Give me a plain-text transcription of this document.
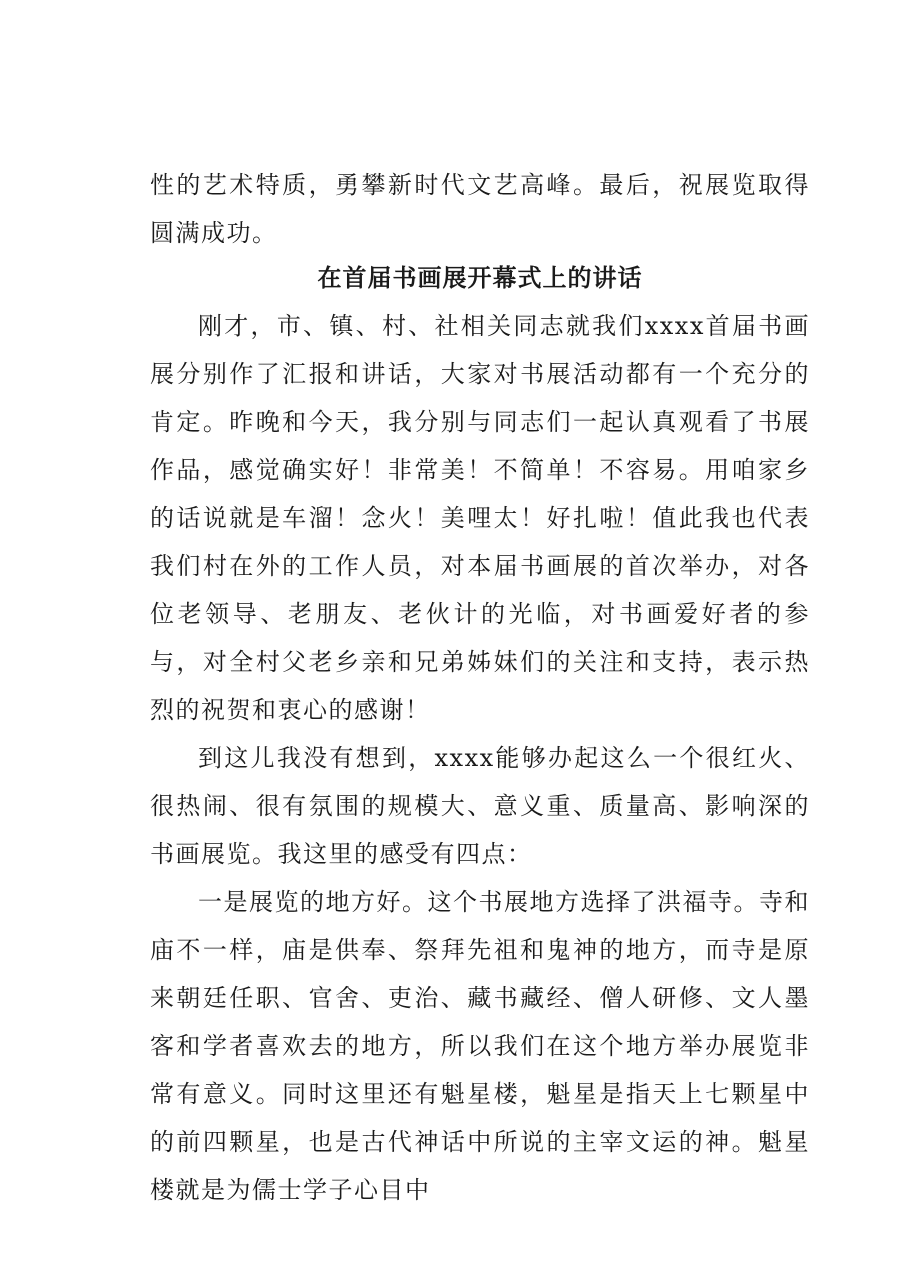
性的艺术特质，勇攀新时代文艺高峰。最后，祝展览取得圆满成功。

在首届书画展开幕式上的讲话

刚才，市、镇、村、社相关同志就我们xxxx首届书画展分别作了汇报和讲话，大家对书展活动都有一个充分的肯定。昨晚和今天，我分别与同志们一起认真观看了书展作品，感觉确实好！非常美！不简单！不容易。用咱家乡的话说就是车溜！念火！美哩太！好扎啦！值此我也代表我们村在外的工作人员，对本届书画展的首次举办，对各位老领导、老朋友、老伙计的光临，对书画爱好者的参与，对全村父老乡亲和兄弟姊妹们的关注和支持，表示热烈的祝贺和衷心的感谢！

到这儿我没有想到，xxxx能够办起这么一个很红火、很热闹、很有氛围的规模大、意义重、质量高、影响深的书画展览。我这里的感受有四点：

一是展览的地方好。这个书展地方选择了洪福寺。寺和庙不一样，庙是供奉、祭拜先祖和鬼神的地方，而寺是原来朝廷任职、官舍、吏治、藏书藏经、僧人研修、文人墨客和学者喜欢去的地方，所以我们在这个地方举办展览非常有意义。同时这里还有魁星楼，魁星是指天上七颗星中的前四颗星，也是古代神话中所说的主宰文运的神。魁星楼就是为儒士学子心目中
